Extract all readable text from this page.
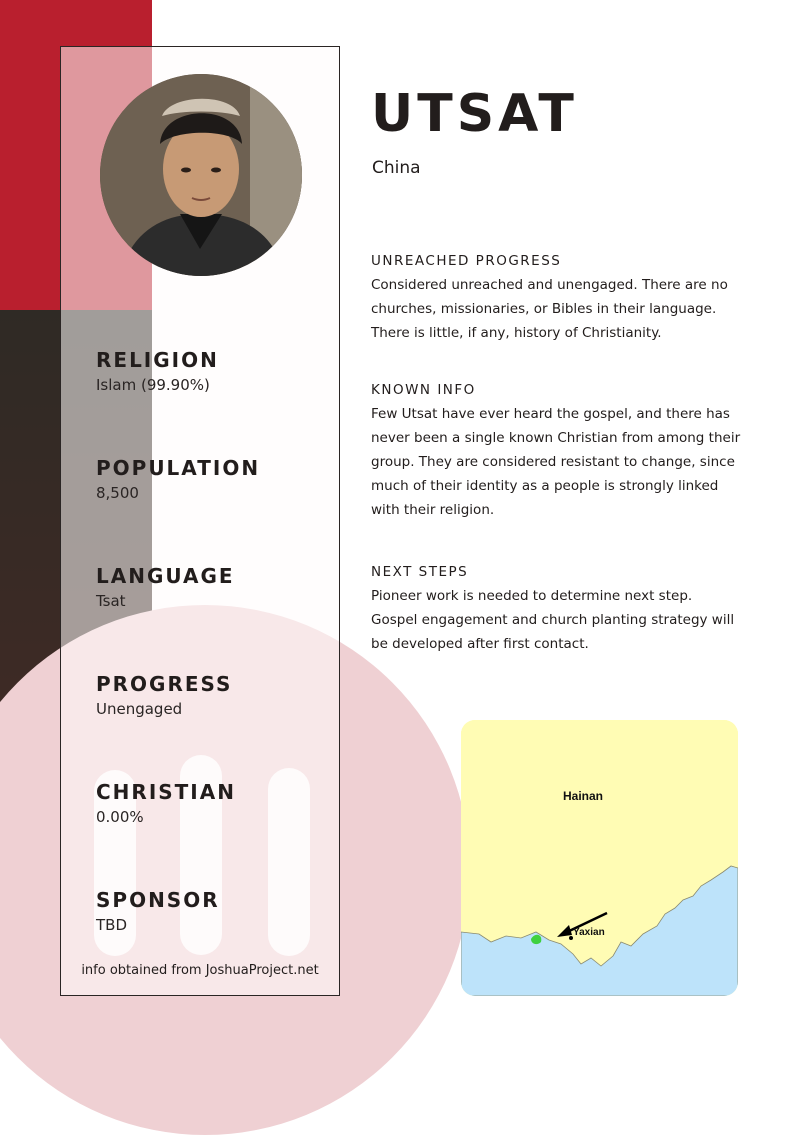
RELIGION
Islam (99.90%)
POPULATION
8,500
LANGUAGE
Tsat
PROGRESS
Unengaged
CHRISTIAN
0.00%
SPONSOR
TBD
info obtained from JoshuaProject.net
UTSAT
China
UNREACHED PROGRESS

Considered unreached and unengaged. There are no churches, missionaries, or Bibles in their language. There is little, if any, history of Christianity.

KNOWN INFO

Few Utsat have ever heard the gospel, and there has never been a single known Christian from among their group. They are considered resistant to change, since much of their identity as a people is strongly linked with their religion.

NEXT STEPS

Pioneer work is needed to determine next step. Gospel engagement and church planting strategy will be developed after first contact.

Hainan
Yaxian
